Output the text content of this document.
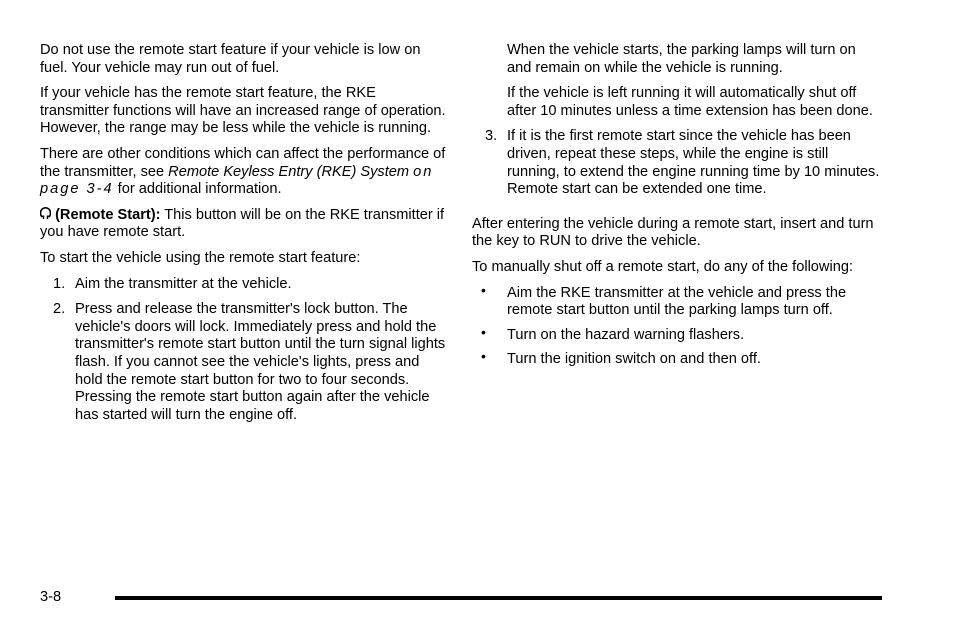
Do not use the remote start feature if your vehicle is low on fuel. Your vehicle may run out of fuel.

If your vehicle has the remote start feature, the RKE transmitter functions will have an increased range of operation. However, the range may be less while the vehicle is running.

There are other conditions which can affect the performance of the transmitter, see Remote Keyless Entry (RKE) System on page 3-4 for additional information.

(Remote Start): This button will be on the RKE transmitter if you have remote start.

To start the vehicle using the remote start feature:

1. Aim the transmitter at the vehicle.
2. Press and release the transmitter's lock button. The vehicle's doors will lock. Immediately press and hold the transmitter's remote start button until the turn signal lights flash. If you cannot see the vehicle's lights, press and hold the remote start button for two to four seconds. Pressing the remote start button again after the vehicle has started will turn the engine off.

When the vehicle starts, the parking lamps will turn on and remain on while the vehicle is running.

If the vehicle is left running it will automatically shut off after 10 minutes unless a time extension has been done.

3. If it is the first remote start since the vehicle has been driven, repeat these steps, while the engine is still running, to extend the engine running time by 10 minutes. Remote start can be extended one time.

After entering the vehicle during a remote start, insert and turn the key to RUN to drive the vehicle.

To manually shut off a remote start, do any of the following:

• Aim the RKE transmitter at the vehicle and press the remote start button until the parking lamps turn off.
• Turn on the hazard warning flashers.
• Turn the ignition switch on and then off.
3-8
